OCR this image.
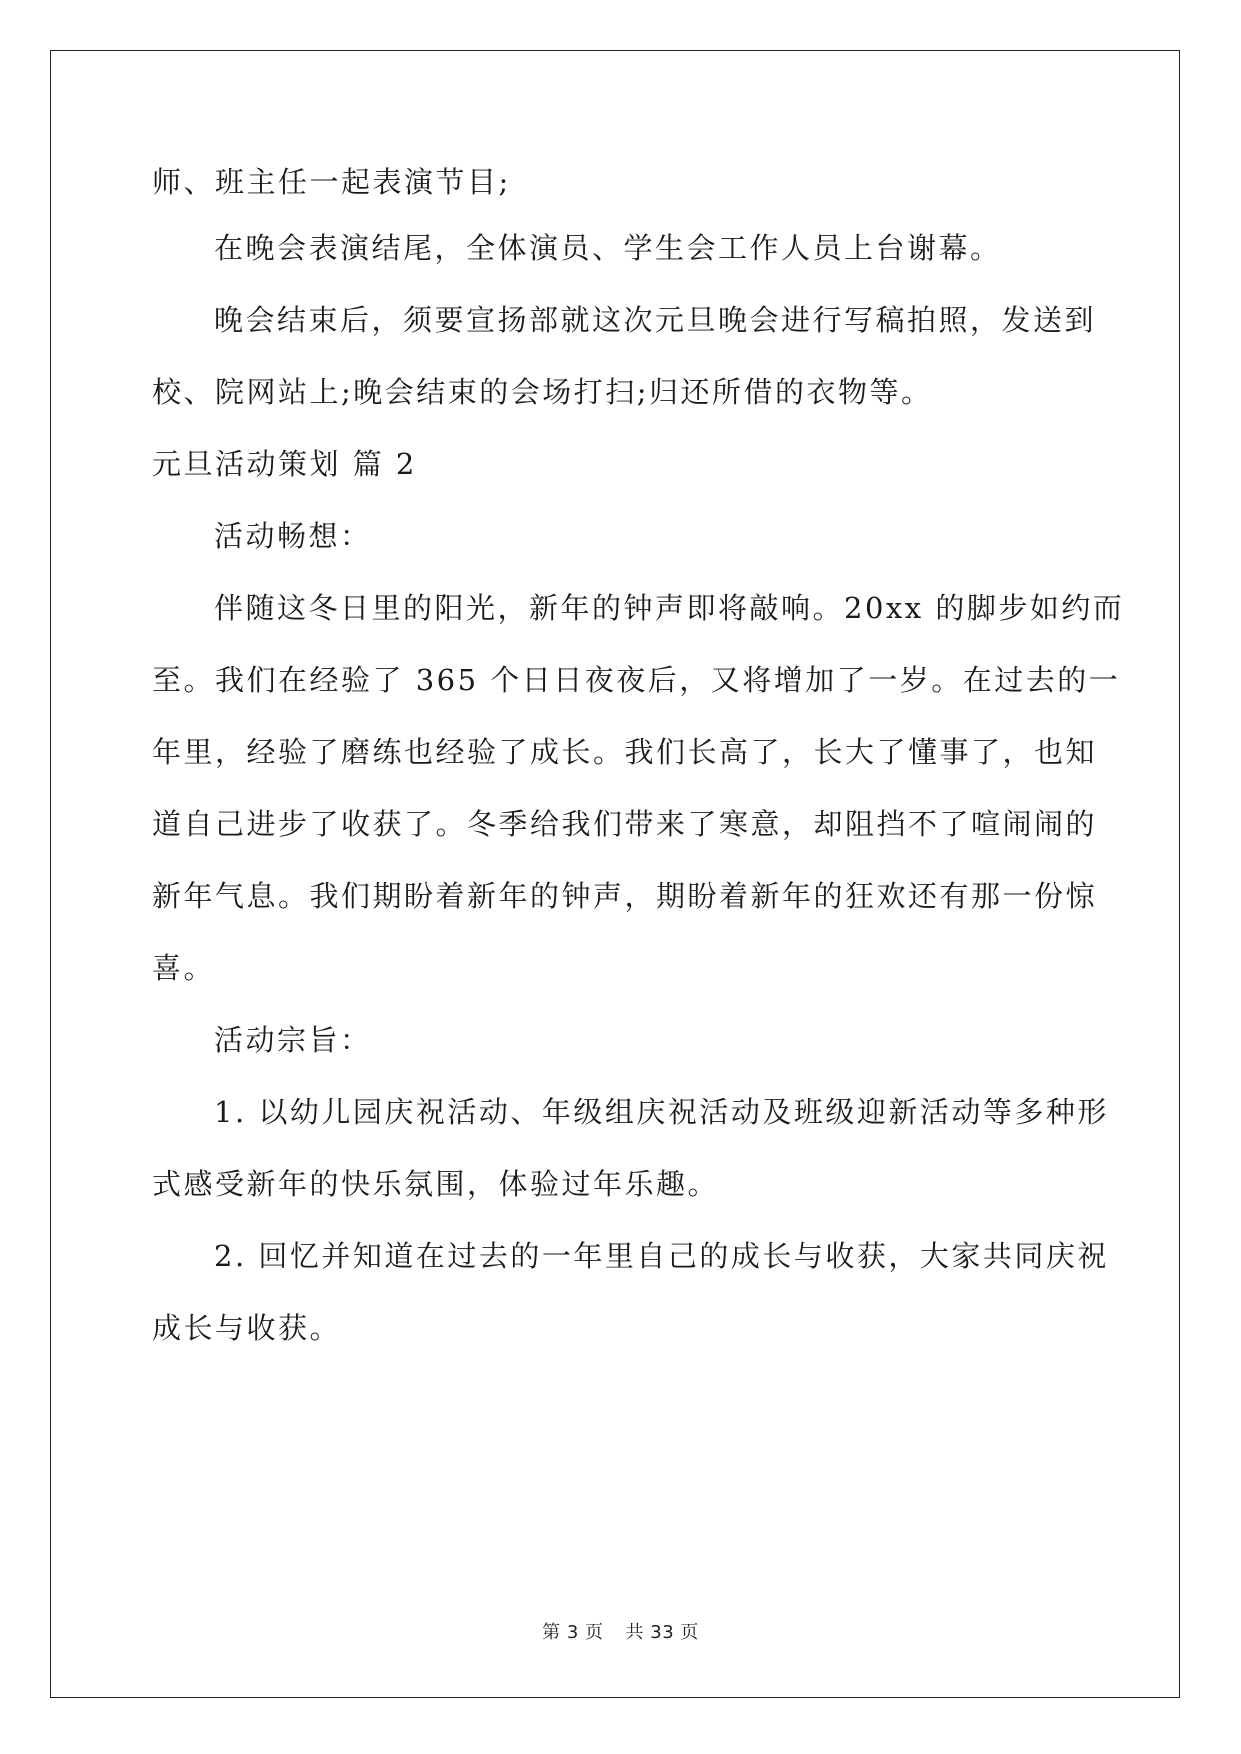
师、班主任一起表演节目;
在晚会表演结尾，全体演员、学生会工作人员上台谢幕。
晚会结束后，须要宣扬部就这次元旦晚会进行写稿拍照，发送到
校、院网站上;晚会结束的会场打扫;归还所借的衣物等。
元旦活动策划 篇 2
活动畅想：
伴随这冬日里的阳光，新年的钟声即将敲响。20xx 的脚步如约而
至。我们在经验了 365 个日日夜夜后，又将增加了一岁。在过去的一
年里，经验了磨练也经验了成长。我们长高了，长大了懂事了，也知
道自己进步了收获了。冬季给我们带来了寒意，却阻挡不了喧闹闹的
新年气息。我们期盼着新年的钟声，期盼着新年的狂欢还有那一份惊
喜。
活动宗旨：
1. 以幼儿园庆祝活动、年级组庆祝活动及班级迎新活动等多种形
式感受新年的快乐氛围，体验过年乐趣。
2. 回忆并知道在过去的一年里自己的成长与收获，大家共同庆祝
成长与收获。
第 3 页 共 33 页
